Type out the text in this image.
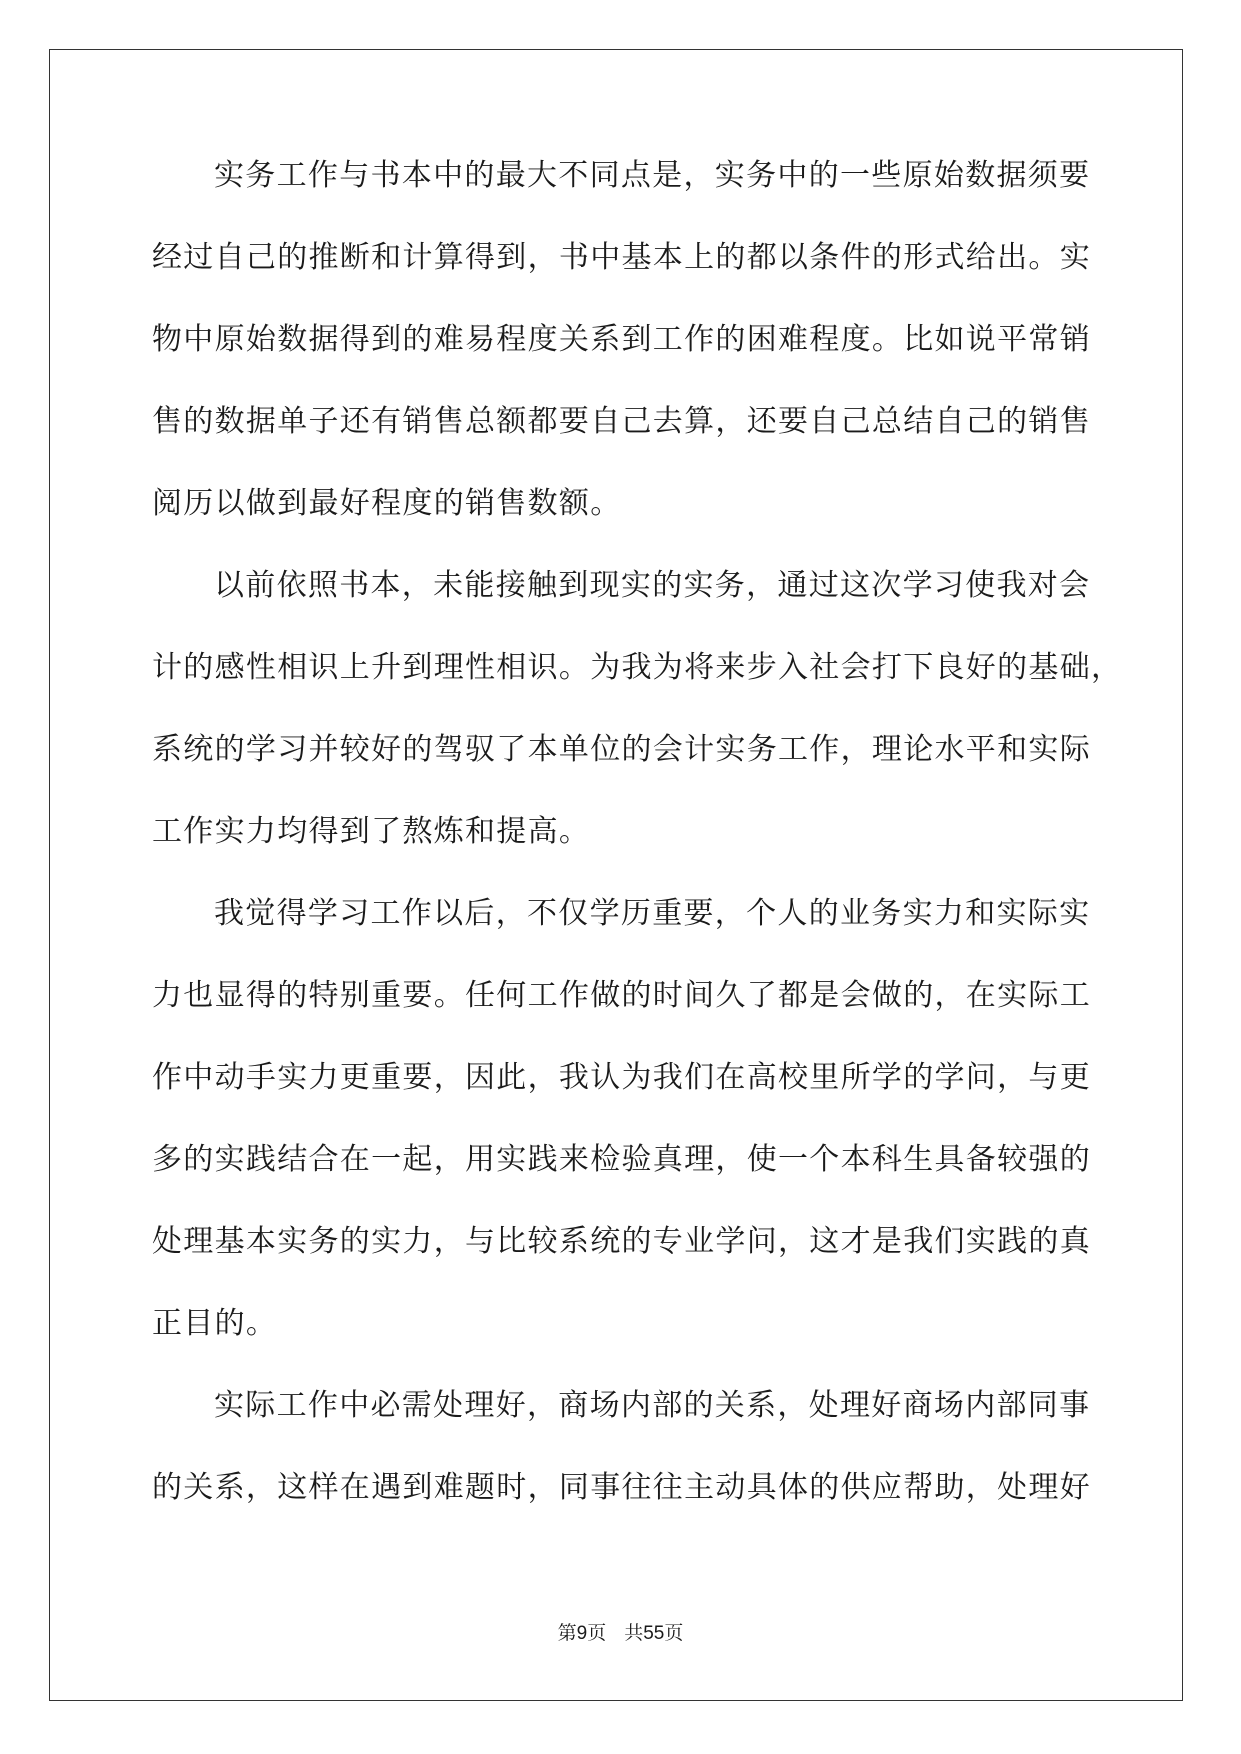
实务工作与书本中的最大不同点是，实务中的一些原始数据须要
经过自己的推断和计算得到，书中基本上的都以条件的形式给出。实
物中原始数据得到的难易程度关系到工作的困难程度。比如说平常销
售的数据单子还有销售总额都要自己去算，还要自己总结自己的销售
阅历以做到最好程度的销售数额。
以前依照书本，未能接触到现实的实务，通过这次学习使我对会
计的感性相识上升到理性相识。为我为将来步入社会打下良好的基础，
系统的学习并较好的驾驭了本单位的会计实务工作，理论水平和实际
工作实力均得到了熬炼和提高。
我觉得学习工作以后，不仅学历重要，个人的业务实力和实际实
力也显得的特别重要。任何工作做的时间久了都是会做的，在实际工
作中动手实力更重要，因此，我认为我们在高校里所学的学问，与更
多的实践结合在一起，用实践来检验真理，使一个本科生具备较强的
处理基本实务的实力，与比较系统的专业学问，这才是我们实践的真
正目的。
实际工作中必需处理好，商场内部的关系，处理好商场内部同事
的关系，这样在遇到难题时，同事往往主动具体的供应帮助，处理好
第9页 共55页
